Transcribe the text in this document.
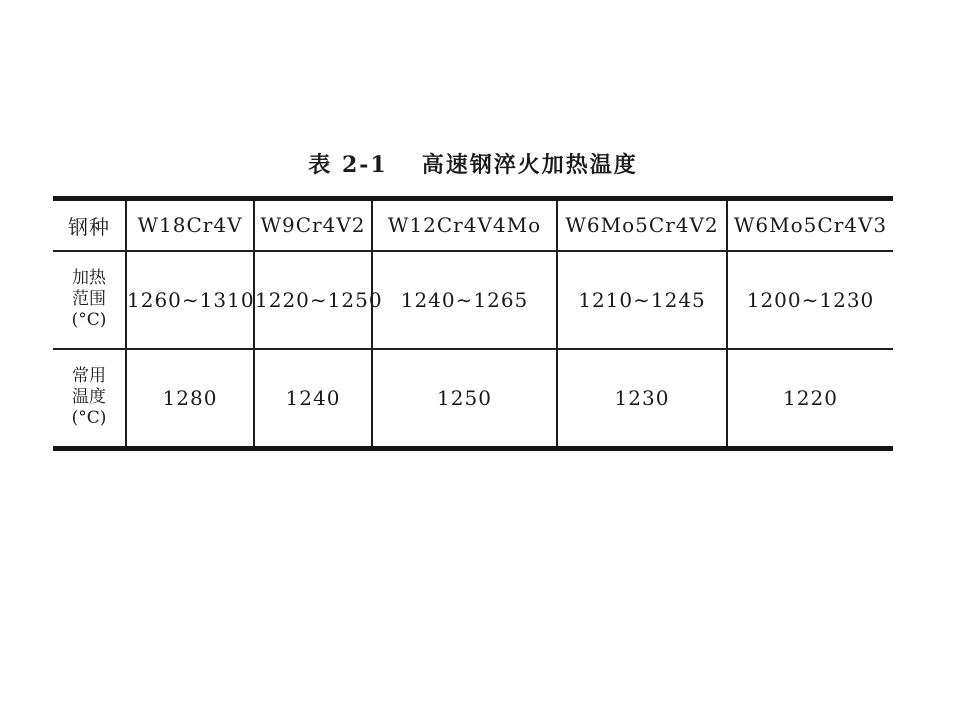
表 2-1 高速钢淬火加热温度
钢种	W18Cr4V	W9Cr4V2	W12Cr4V4Mo	W6Mo5Cr4V2	W6Mo5Cr4V3

加热
范围
(°C)	1260∼1310	1220∼1250	1240∼1265	1210∼1245	1200∼1230

常用
温度
(°C)	1280	1240	1250	1230	1220
